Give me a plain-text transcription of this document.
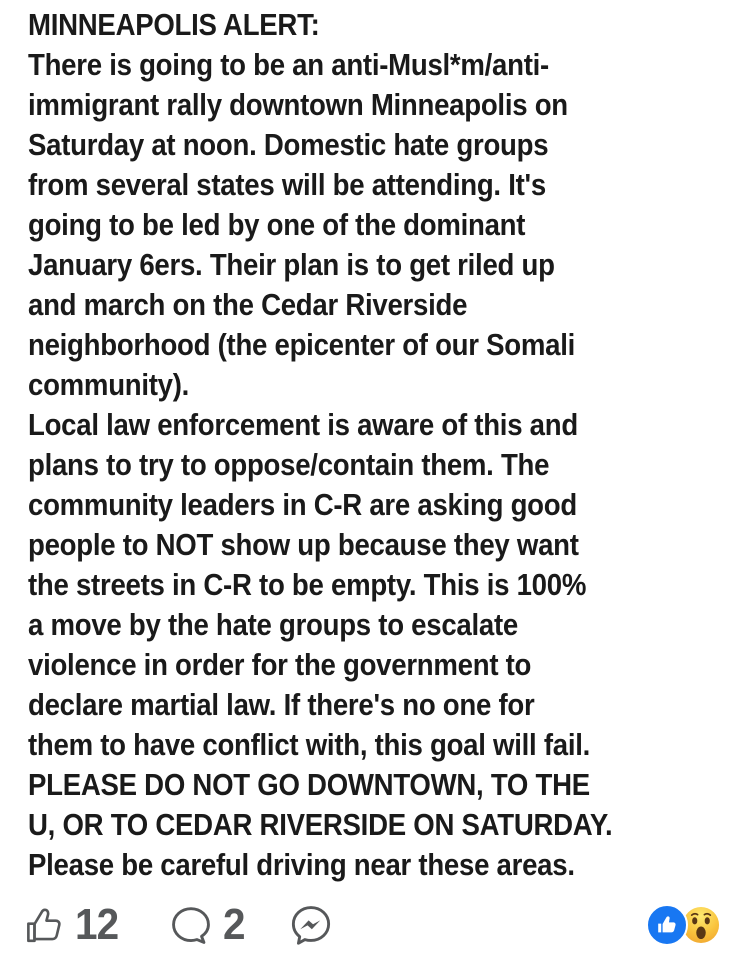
MINNEAPOLIS ALERT:
There is going to be an anti-Musl*m/anti-
immigrant rally downtown Minneapolis on
Saturday at noon. Domestic hate groups
from several states will be attending. It's
going to be led by one of the dominant
January 6ers. Their plan is to get riled up
and march on the Cedar Riverside
neighborhood (the epicenter of our Somali
community).
Local law enforcement is aware of this and
plans to try to oppose/contain them. The
community leaders in C-R are asking good
people to NOT show up because they want
the streets in C-R to be empty. This is 100%
a move by the hate groups to escalate
violence in order for the government to
declare martial law. If there's no one for
them to have conflict with, this goal will fail.
PLEASE DO NOT GO DOWNTOWN, TO THE
U, OR TO CEDAR RIVERSIDE ON SATURDAY.
Please be careful driving near these areas.
12 2
